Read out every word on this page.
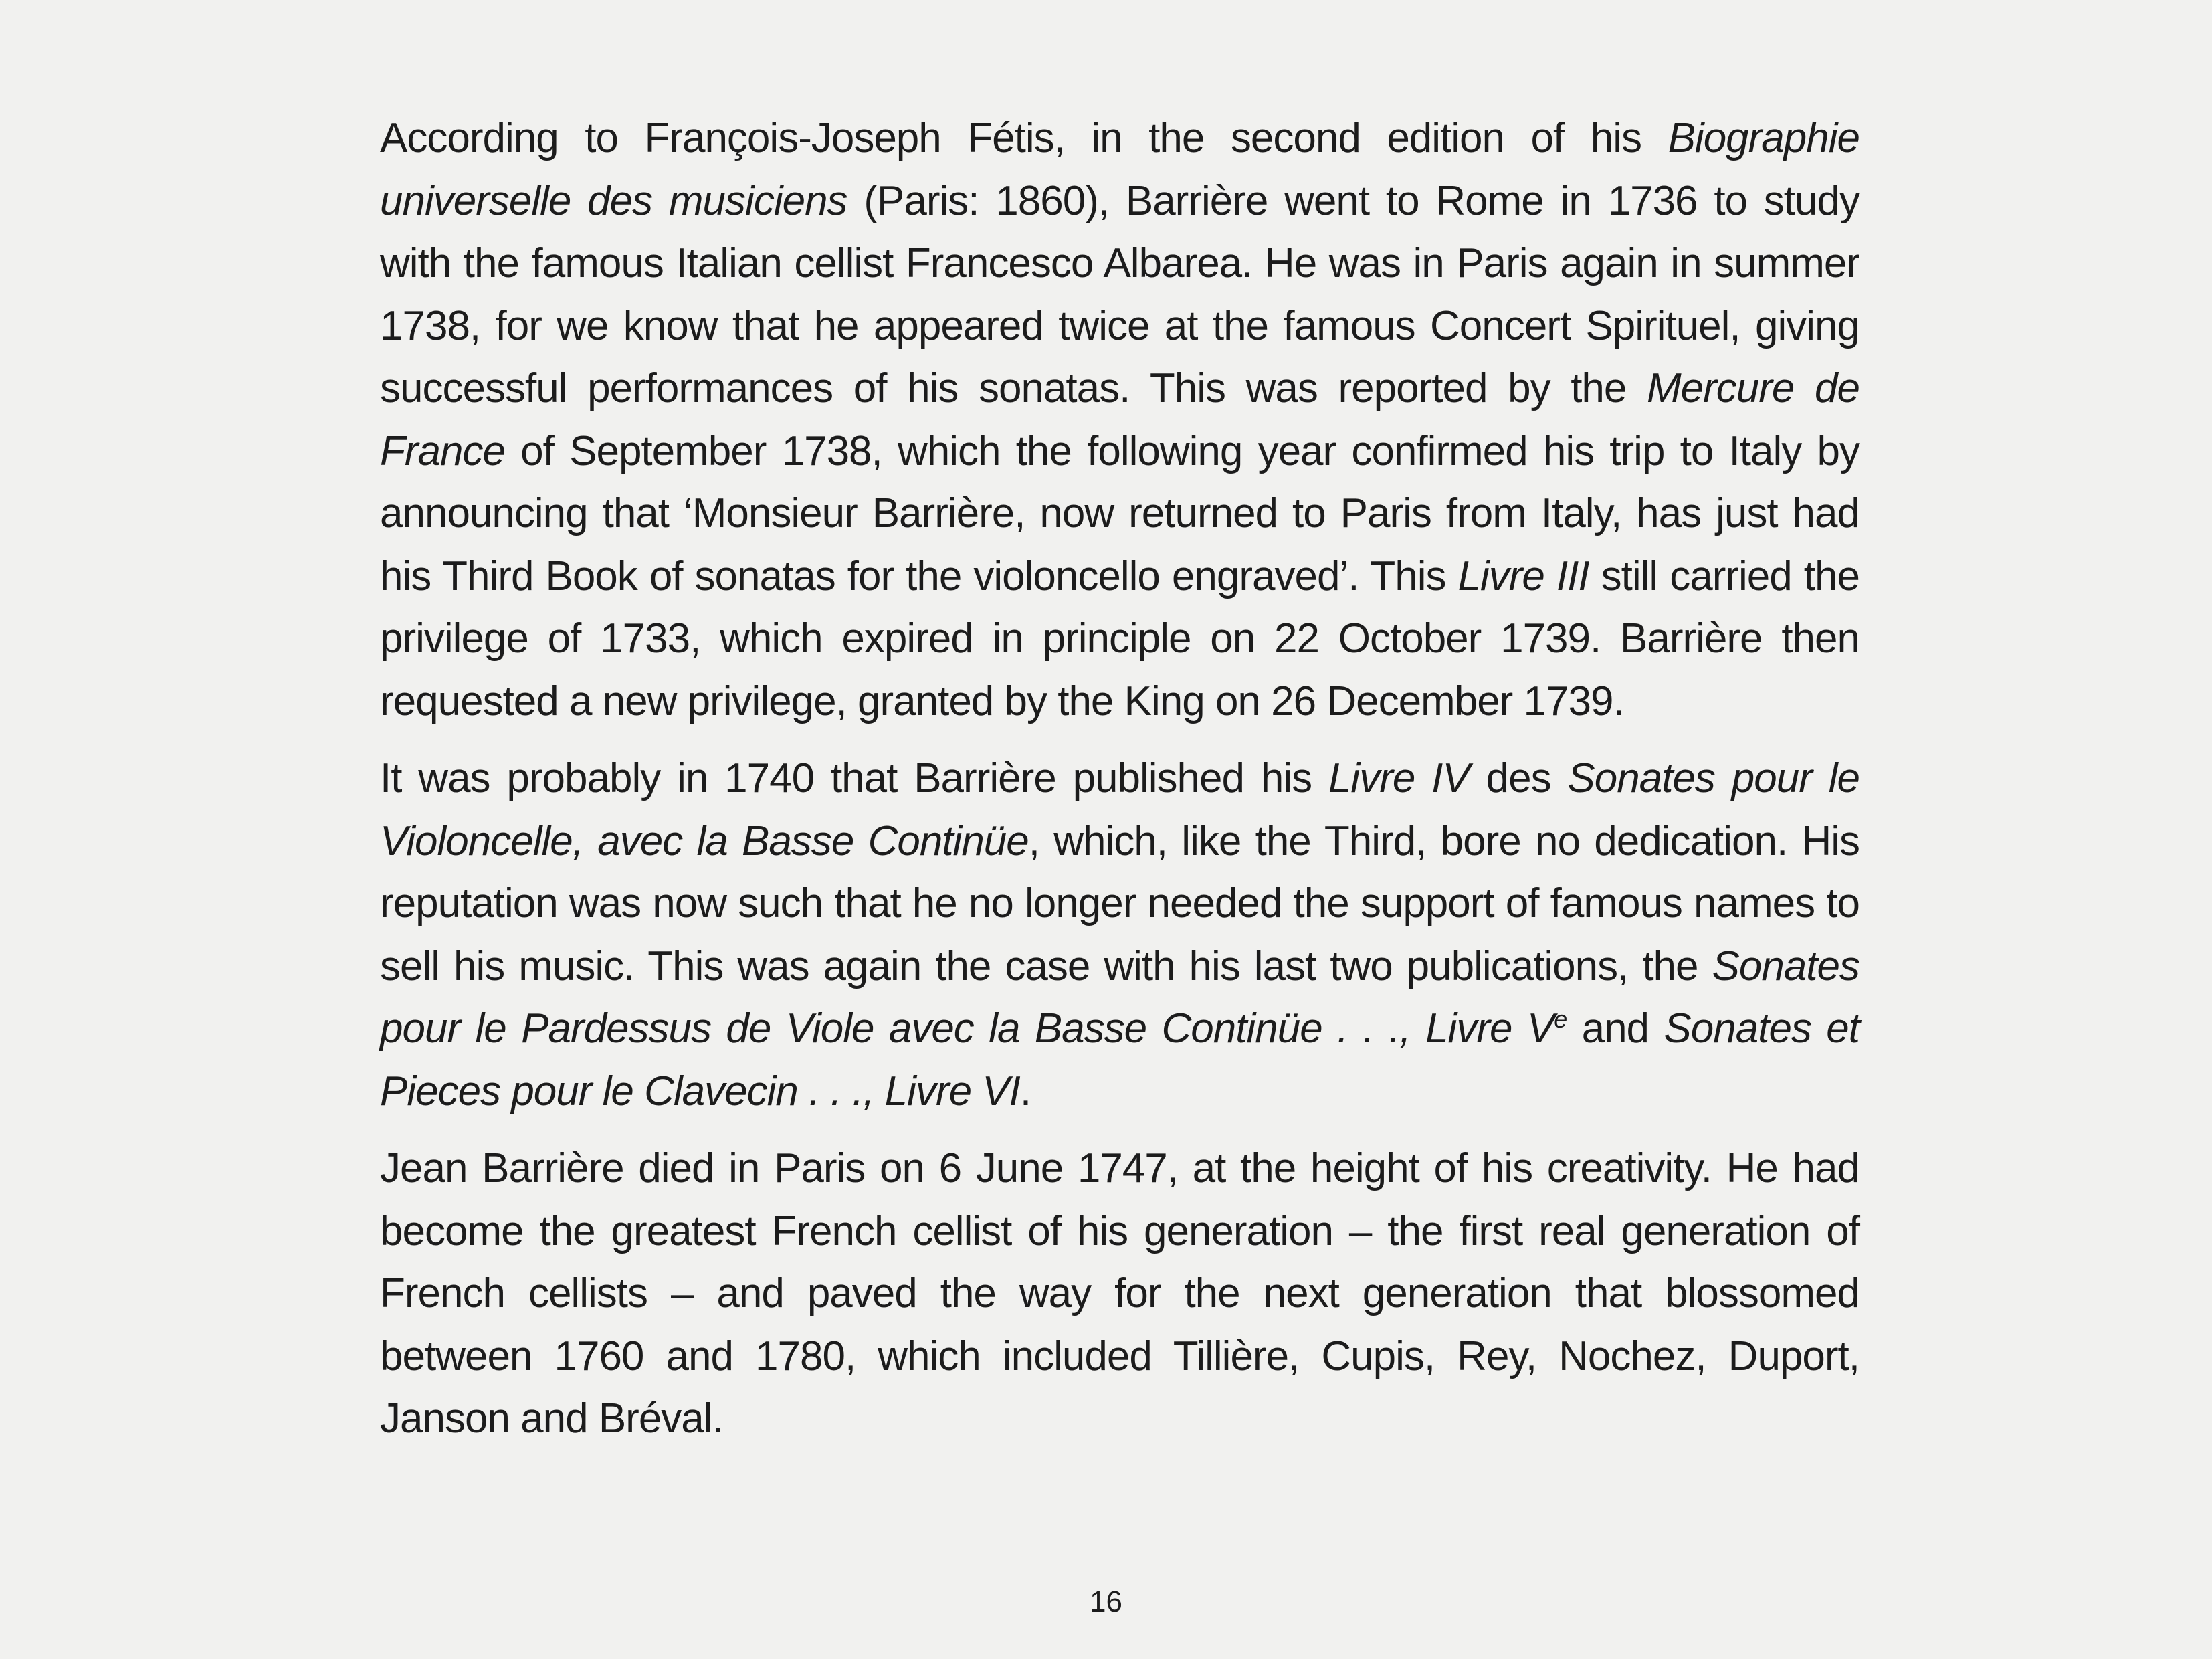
According to François-Joseph Fétis, in the second edition of his Biographie universelle des musiciens (Paris: 1860), Barrière went to Rome in 1736 to study with the famous Italian cellist Francesco Albarea. He was in Paris again in summer 1738, for we know that he appeared twice at the famous Concert Spirituel, giving successful performances of his sonatas. This was reported by the Mercure de France of September 1738, which the following year confirmed his trip to Italy by announcing that ‘Monsieur Barrière, now returned to Paris from Italy, has just had his Third Book of sonatas for the violoncello engraved’. This Livre III still carried the privilege of 1733, which expired in principle on 22 October 1739. Barrière then requested a new privilege, granted by the King on 26 December 1739.

It was probably in 1740 that Barrière published his Livre IV des Sonates pour le Violoncelle, avec la Basse Continüe, which, like the Third, bore no dedication. His reputation was now such that he no longer needed the support of famous names to sell his music. This was again the case with his last two publications, the Sonates pour le Pardessus de Viole avec la Basse Continüe . . ., Livre Ve and Sonates et Pieces pour le Clavecin . . ., Livre VI.

Jean Barrière died in Paris on 6 June 1747, at the height of his creativity. He had become the greatest French cellist of his generation – the first real generation of French cellists – and paved the way for the next generation that blossomed between 1760 and 1780, which included Tillière, Cupis, Rey, Nochez, Duport, Janson and Bréval.

16
